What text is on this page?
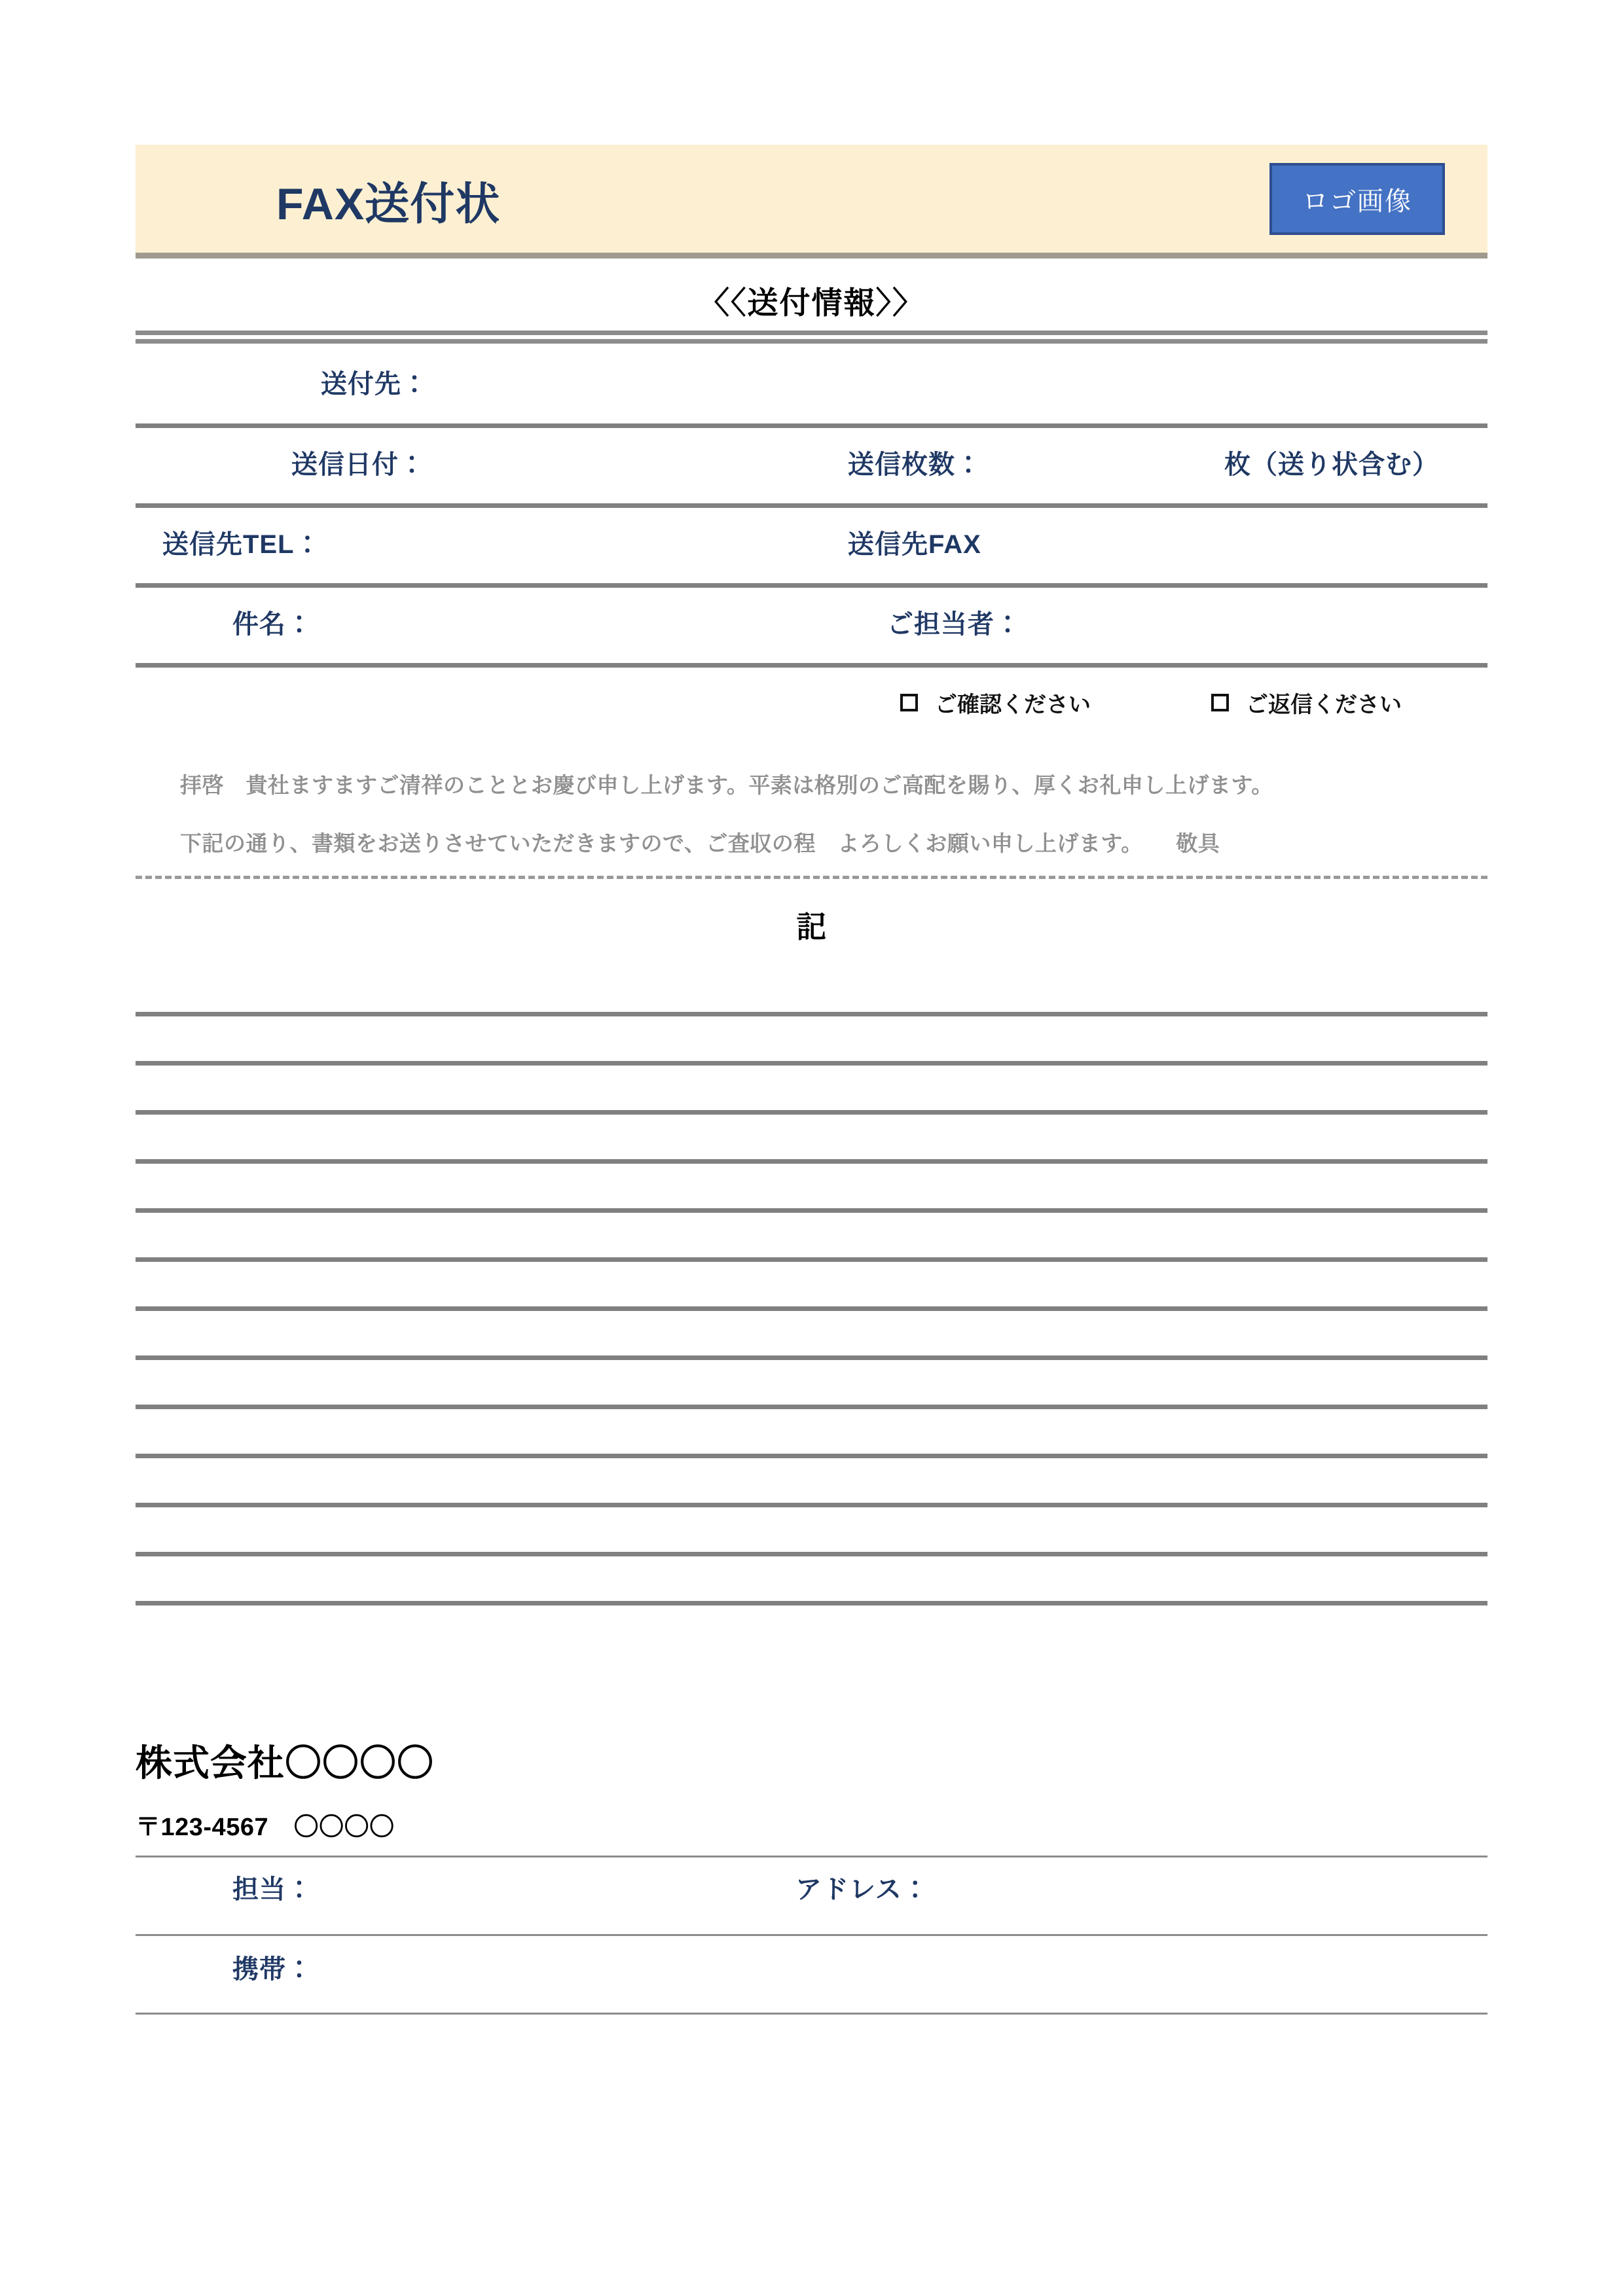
FAX送付状	ロゴ画像
〈〈送付情報〉〉
送付先：
送信日付：	送信枚数：	枚（送り状含む）
送信先TEL：	送信先FAX
件名：	ご担当者：
ご確認ください	ご返信ください
拝啓　貴社ますますご清祥のこととお慶び申し上げます。平素は格別のご高配を賜り、厚くお礼申し上げます。
下記の通り、書類をお送りさせていただきますので、ご査収の程　よろしくお願い申し上げます。　　敬具
記
株式会社〇〇〇〇
〒123-4567　〇〇〇〇
担当：	アドレス：
携帯：
